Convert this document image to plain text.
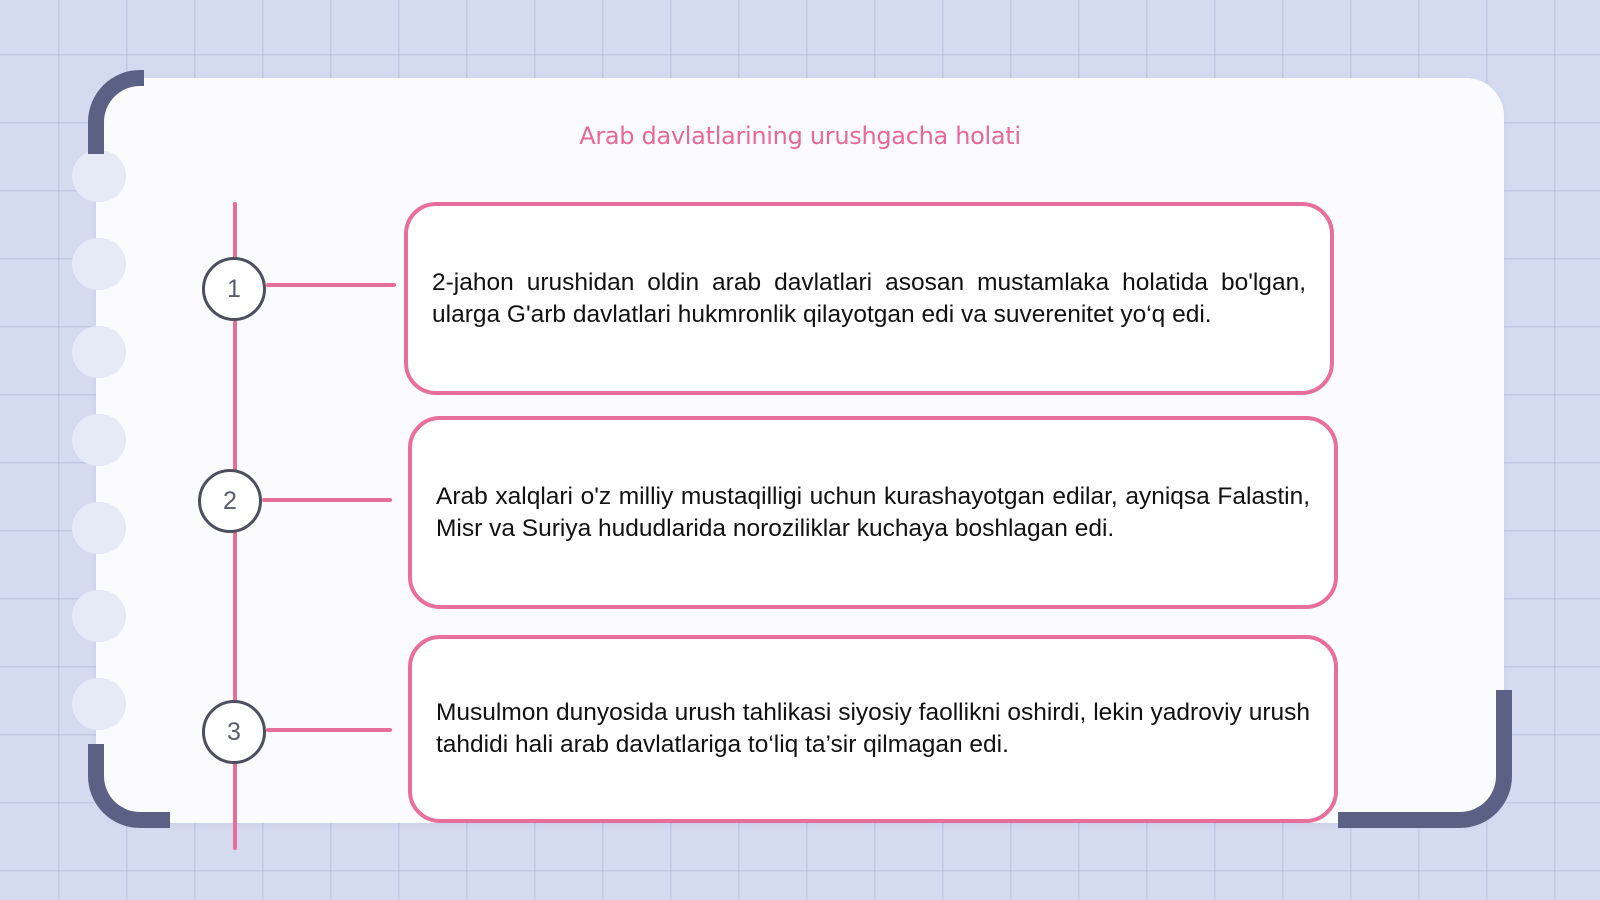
Arab davlatlarining urushgacha holati
1	2-jahon urushidan oldin arab davlatlari asosan mustamlaka holatida bo'lgan, ularga G'arb davlatlari hukmronlik qilayotgan edi va suverenitet yo‘q edi.
2	Arab xalqlari o'z milliy mustaqilligi uchun kurashayotgan edilar, ayniqsa Falastin, Misr va Suriya hududlarida noroziliklar kuchaya boshlagan edi.
3
Musulmon dunyosida urush tahlikasi siyosiy faollikni oshirdi, lekin yadroviy urush tahdidi hali arab davlatlariga to‘liq ta’sir qilmagan edi.
